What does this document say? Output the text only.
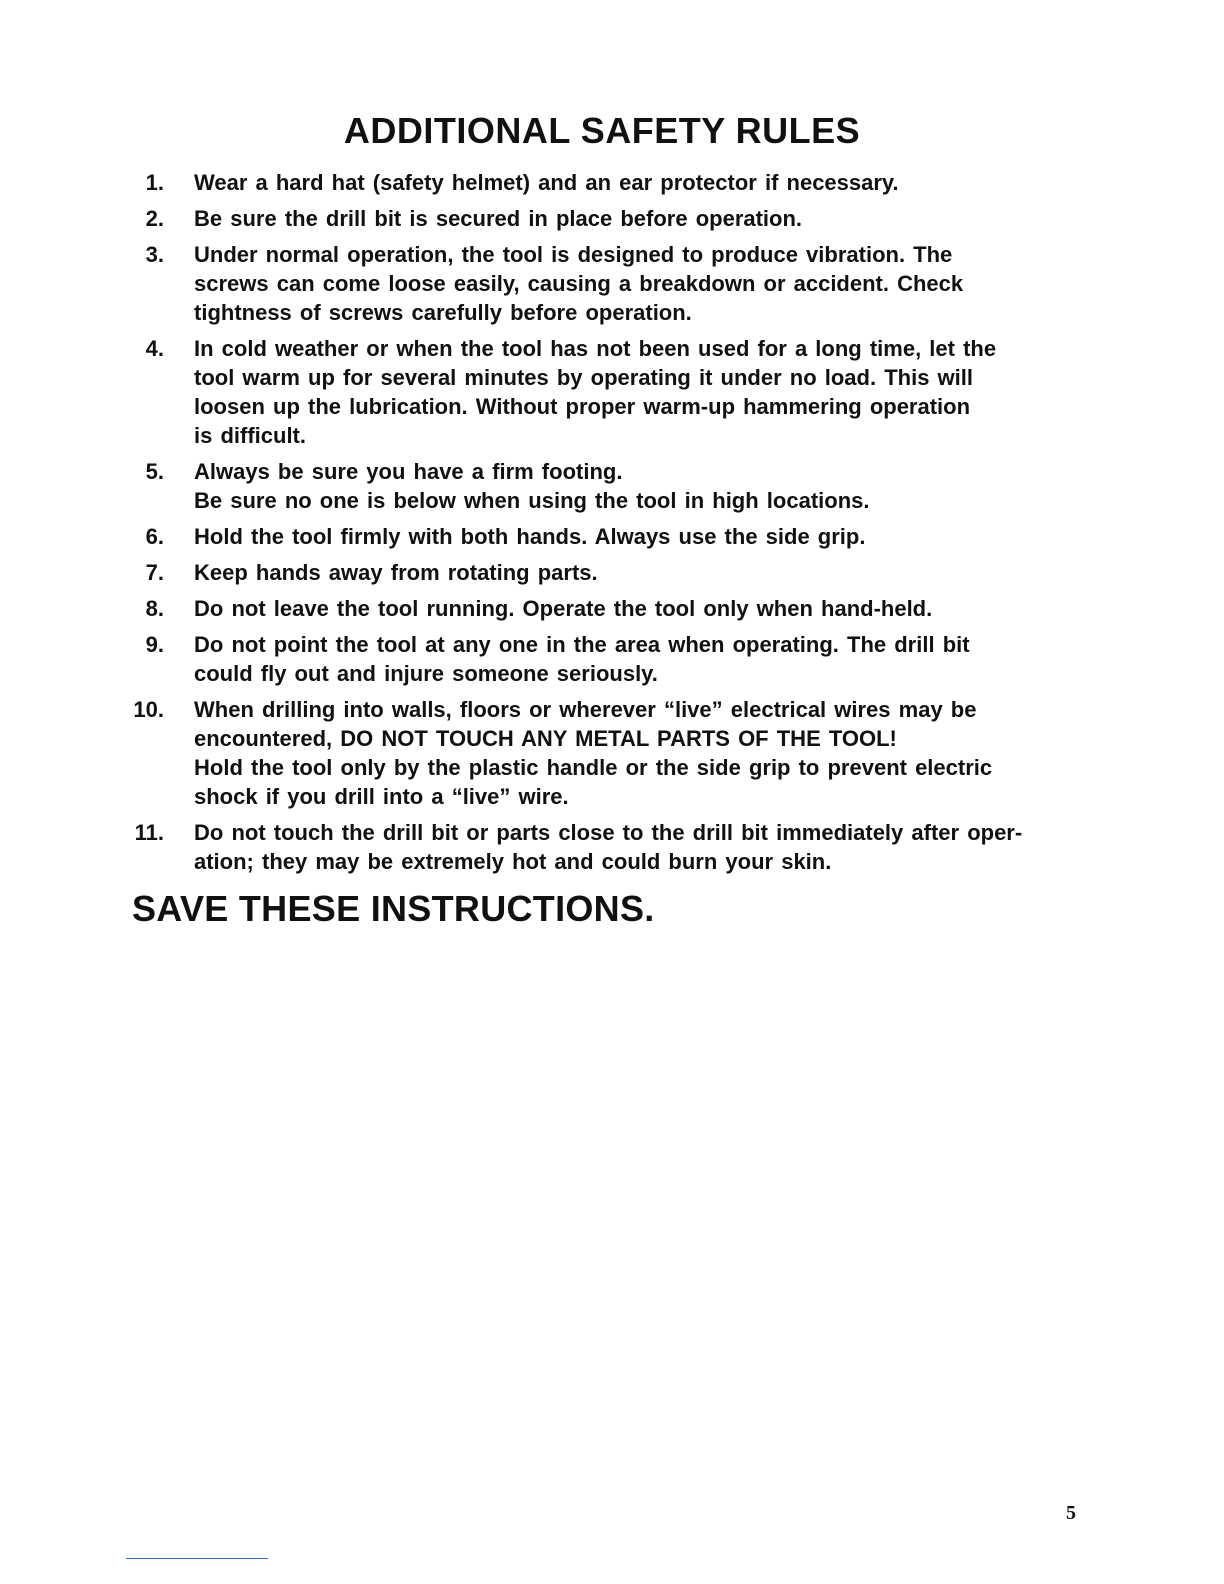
ADDITIONAL SAFETY RULES
1. Wear a hard hat (safety helmet) and an ear protector if necessary.
2. Be sure the drill bit is secured in place before operation.
3. Under normal operation, the tool is designed to produce vibration. The
screws can come loose easily, causing a breakdown or accident. Check
tightness of screws carefully before operation.
4. In cold weather or when the tool has not been used for a long time, let the
tool warm up for several minutes by operating it under no load. This will
loosen up the lubrication. Without proper warm-up hammering operation
is difficult.
5. Always be sure you have a firm footing.
Be sure no one is below when using the tool in high locations.
6. Hold the tool firmly with both hands. Always use the side grip.
7. Keep hands away from rotating parts.
8. Do not leave the tool running. Operate the tool only when hand-held.
9. Do not point the tool at any one in the area when operating. The drill bit
could fly out and injure someone seriously.
10. When drilling into walls, floors or wherever “live” electrical wires may be
encountered, DO NOT TOUCH ANY METAL PARTS OF THE TOOL!
Hold the tool only by the plastic handle or the side grip to prevent electric
shock if you drill into a “live” wire.
11. Do not touch the drill bit or parts close to the drill bit immediately after oper-
ation; they may be extremely hot and could burn your skin.
SAVE THESE INSTRUCTIONS.
5
